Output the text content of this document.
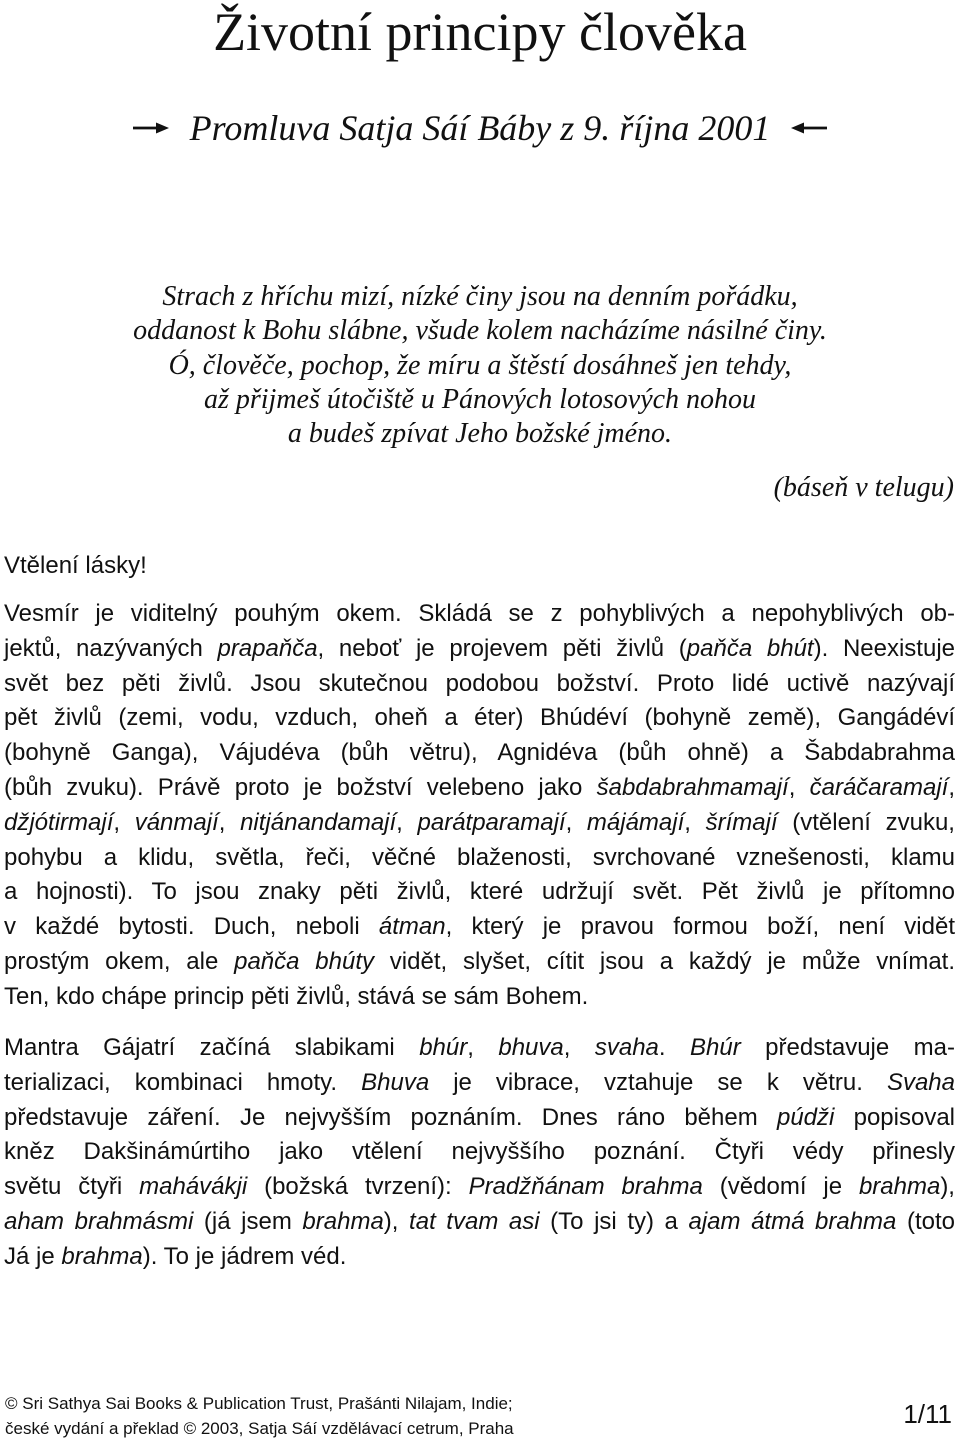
Životní principy člověka
Promluva Satja Sáí Báby z 9. října 2001
Strach z hříchu mizí, nízké činy jsou na denním pořádku,
oddanost k Bohu slábne, všude kolem nacházíme násilné činy.
Ó, člověče, pochop, že míru a štěstí dosáhneš jen tehdy,
až přijmeš útočiště u Pánových lotosových nohou
a budeš zpívat Jeho božské jméno.
(báseň v telugu)
Vtělení lásky!
Vesmír je viditelný pouhým okem. Skládá se z pohyblivých a nepohyblivých ob-
jektů, nazývaných prapaňča, neboť je projevem pěti živlů (paňča bhút). Neexistuje
svět bez pěti živlů. Jsou skutečnou podobou božství. Proto lidé uctivě nazývají
pět živlů (zemi, vodu, vzduch, oheň a éter) Bhúdéví (bohyně země), Gangádéví
(bohyně Ganga), Vájudéva (bůh větru), Agnidéva (bůh ohně) a Šabdabrahma
(bůh zvuku). Právě proto je božství velebeno jako šabdabrahmamají, čaráčaramají,
džjótirmají, vánmají, nitjánandamají, parátparamají, májámají, šrímají (vtělení zvuku,
pohybu a klidu, světla, řeči, věčné blaženosti, svrchované vznešenosti, klamu
a hojnosti). To jsou znaky pěti živlů, které udržují svět. Pět živlů je přítomno
v každé bytosti. Duch, neboli átman, který je pravou formou boží, není vidět
prostým okem, ale paňča bhúty vidět, slyšet, cítit jsou a každý je může vnímat.
Ten, kdo chápe princip pěti živlů, stává se sám Bohem.
Mantra Gájatrí začíná slabikami bhúr, bhuva, svaha. Bhúr představuje ma-
terializaci, kombinaci hmoty. Bhuva je vibrace, vztahuje se k větru. Svaha
představuje záření. Je nejvyšším poznáním. Dnes ráno během púdži popisoval
kněz Dakšinámúrtiho jako vtělení nejvyššího poznání. Čtyři védy přinesly
světu čtyři mahávákji (božská tvrzení): Pradžňánam brahma (vědomí je brahma),
aham brahmásmi (já jsem brahma), tat tvam asi (To jsi ty) a ajam átmá brahma (toto
Já je brahma). To je jádrem véd.
© Sri Sathya Sai Books & Publication Trust, Prašánti Nilajam, Indie;
české vydání a překlad © 2003, Satja Sáí vzdělávací cetrum, Praha	1/11
